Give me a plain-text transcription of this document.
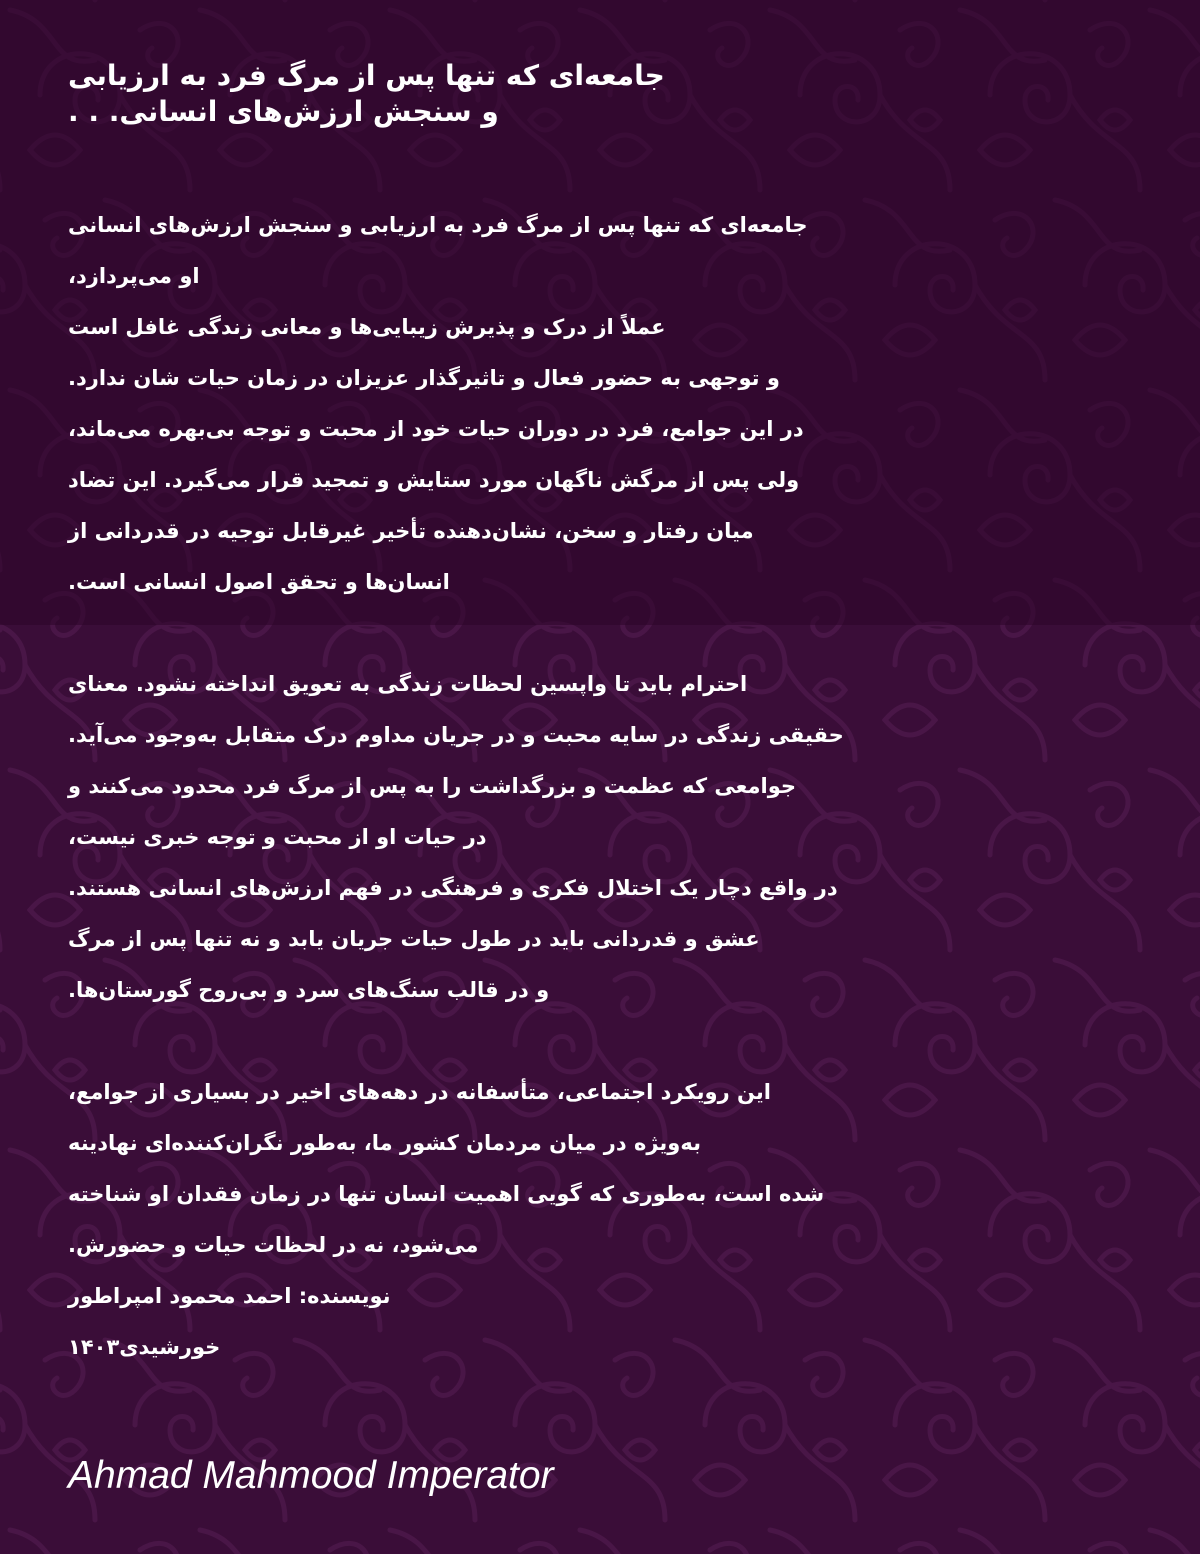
جامعه‌ای که تنها پس از مرگ فرد به ارزیابی
و سنجش ارزش‌های انسانی. . .
جامعه‌ای که تنها پس از مرگ فرد به ارزیابی و سنجش ارزش‌های انسانی
او می‌پردازد،
عملاً از درک و پذیرش زیبایی‌ها و معانی زندگی غافل است
و توجهی به حضور فعال و تاثیرگذار عزیزان در زمان حیات شان ندارد.
در این جوامع، فرد در دوران حیات خود از محبت و توجه بی‌بهره می‌ماند،
ولی پس از مرگش ناگهان مورد ستایش و تمجید قرار می‌گیرد. این تضاد
میان رفتار و سخن، نشان‌دهنده تأخیر غیرقابل توجیه در قدردانی از
انسان‌ها و تحقق اصول انسانی است.
احترام باید تا واپسین لحظات زندگی به تعویق انداخته نشود. معنای
حقیقی زندگی در سایه محبت و در جریان مداوم درک متقابل به‌وجود می‌آید.
جوامعی که عظمت و بزرگداشت را به پس از مرگ فرد محدود می‌کنند و
در حیات او از محبت و توجه خبری نیست،
در واقع دچار یک اختلال فکری و فرهنگی در فهم ارزش‌های انسانی هستند.
عشق و قدردانی باید در طول حیات جریان یابد و نه تنها پس از مرگ
و در قالب سنگ‌های سرد و بی‌روح گورستان‌ها.
این رویکرد اجتماعی، متأسفانه در دهه‌های اخیر در بسیاری از جوامع،
به‌ویژه در میان مردمان کشور ما، به‌طور نگران‌کننده‌ای نهادینه
شده است، به‌طوری که گویی اهمیت انسان تنها در زمان فقدان او شناخته
می‌شود، نه در لحظات حیات و حضورش.
نویسنده: احمد محمود امپراطور
خورشیدی۱۴۰۳
Ahmad Mahmood Imperator
